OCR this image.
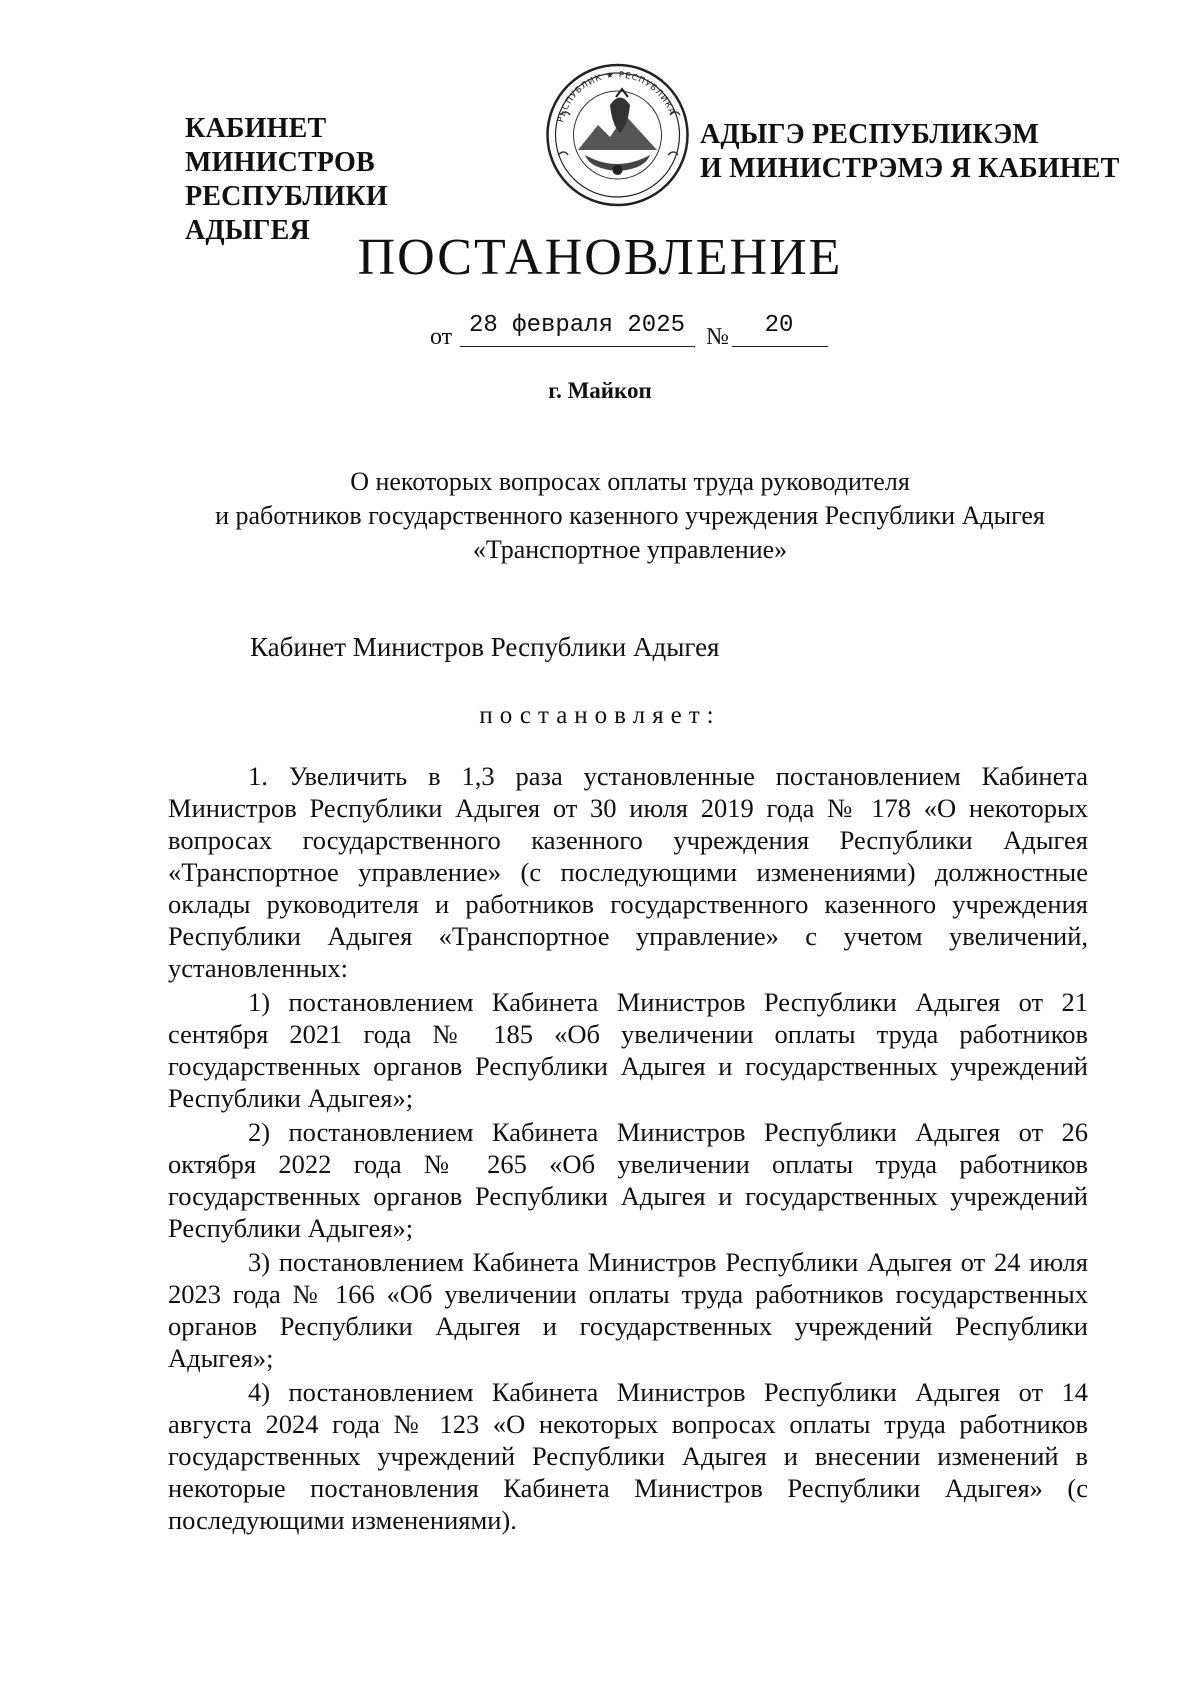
КАБИНЕТ МИНИСТРОВ
РЕСПУБЛИКИ АДЫГЕЯ
РЕСПУБЛИК ★ РЕСПУБЛИКА
АДЫГЭ РЕСПУБЛИКЭМ
И МИНИСТРЭМЭ Я КАБИНЕТ
ПОСТАНОВЛЕНИЕ
от 28 февраля 2025 №	20
г. Майкоп
О некоторых вопросах оплаты труда руководителя
и работников государственного казенного учреждения Республики Адыгея
«Транспортное управление»
Кабинет Министров Республики Адыгея
постановляет:

1. Увеличить в 1,3 раза установленные постановлением Кабинета Министров Республики Адыгея от 30 июля 2019 года № 178 «О некоторых вопросах государственного казенного учреждения Республики Адыгея «Транспортное управление» (с последующими изменениями) должностные оклады руководителя и работников государственного казенного учреждения Республики Адыгея «Транспортное управление» с учетом увеличений, установленных:

1) постановлением Кабинета Министров Республики Адыгея от 21 сентября 2021 года № 185 «Об увеличении оплаты труда работников государственных органов Республики Адыгея и государственных учреждений Республики Адыгея»;

2) постановлением Кабинета Министров Республики Адыгея от 26 октября 2022 года № 265 «Об увеличении оплаты труда работников государственных органов Республики Адыгея и государственных учреждений Республики Адыгея»;

3) постановлением Кабинета Министров Республики Адыгея от 24 июля 2023 года № 166 «Об увеличении оплаты труда работников государственных органов Республики Адыгея и государственных учреждений Республики Адыгея»;

4) постановлением Кабинета Министров Республики Адыгея от 14 августа 2024 года № 123 «О некоторых вопросах оплаты труда работников государственных учреждений Республики Адыгея и внесении изменений в некоторые постановления Кабинета Министров Республики Адыгея» (с последующими изменениями).
